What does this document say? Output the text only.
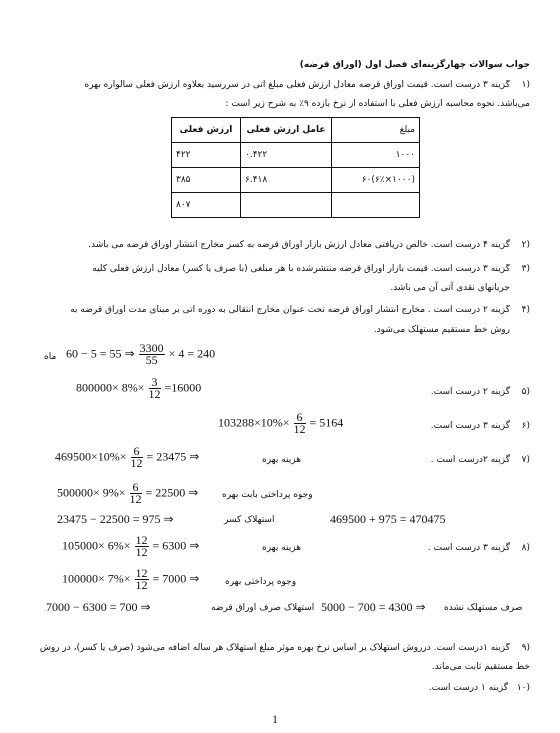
جواب سوالات چهارگزینه‌ای فصل اول (اوراق قرضه)
۱)
گزینه ۳ درست است. قیمت اوراق قرضه معادل ارزش فعلی مبلغ آتی در سررسید بعلاوه ارزش فعلی سالواره بهره
می‌باشد. نحوه محاسبه ارزش فعلی با استفاده از نرخ بازده ۹٪ به شرح زیر است :
مبلغ	عامل ارزش فعلی	ارزش فعلی
۱۰۰۰	۰.۴۲۲	۴۲۲
(۱۰۰۰×۶٪)۶۰	۶.۴۱۸	۳۸۵
		۸۰۷
۲)
گزینه ۴ درست است. خالص دریافتی معادل ارزش بازار اوراق قرضه به کسر مخارج انتشار اوراق قرضه می باشد.
۳)
گزینه ۳ درست است. قیمت بازار اوراق قرضه منتشرشده با هر مبلغی (با صرف یا کسر) معادل ارزش فعلی کلیه
جریانهای نقدی آتی آن می باشد.
۴)
گزینه ۲ درست است . مخارج انتشار اوراق قرضه تحت عنوان مخارج انتقالی به دوره آتی بر مبنای مدت اوراق قرضه به
روش خط مستقیم مستهلک می‌شود.
60 − 5 = 55 ⇒ $\frac{3300}{55} \times 4 = 240$
ماه
$800000\times 8\%\times \frac{3}{12} =16000$	۵)
گزینه ۲ درست است.
$103288\times 10\%\times \frac{6}{12} = 5164$	۶)
گزینه ۳ درست است.
$469500\times 10\%\times \frac{6}{12} = 23475$ ⇒	هزینه بهره	۷)
گزینه ۲درست است .
$500000\times 9\%\times \frac{6}{12} = 22500$ ⇒	وجوه پرداختی بابت بهره
23475 − 22500 = 975 ⇒	استهلاک کسر	469500 + 975 = 470475
$105000\times 6\%\times \frac{12}{12} = 6300$ ⇒	هزینه بهره	۸)
گزینه ۳ درست است .
$100000\times 7\%\times \frac{12}{12} = 7000$ ⇒	وجوه پرداختی بهره
7000 − 6300 = 700 ⇒	استهلاک صرف اوراق قرضه 5000 − 700 = 4300 ⇒ صرف مستهلک نشده
۹)
گزینه ۱درست است. درروش استهلاک بر اساس نرخ بهره موثر مبلغ استهلاک هر ساله اضافه می‌شود (صرف یا کسر)، در روش
خط مستقیم ثابت می‌ماند.
۱۰)
گزینه ۱ درست است.
1
